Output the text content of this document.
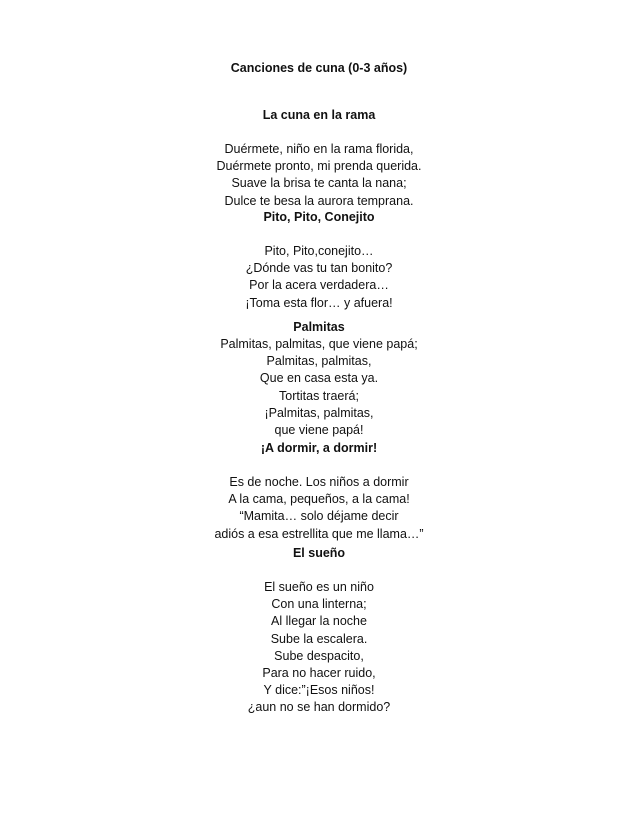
Canciones de cuna (0-3 años)
La cuna en la rama
Duérmete, niño en la rama florida,
Duérmete pronto, mi prenda querida.
Suave la brisa te canta la nana;
Dulce te besa la aurora temprana.
Pito, Pito, Conejito
Pito, Pito,conejito…
¿Dónde vas tu tan bonito?
Por la acera verdadera…
¡Toma esta flor… y afuera!
Palmitas
Palmitas, palmitas, que viene papá;
Palmitas, palmitas,
Que en casa esta ya.
Tortitas traerá;
¡Palmitas, palmitas,
que viene papá!
¡A dormir, a dormir!
Es de noche. Los niños a dormir
A la cama, pequeños, a la cama!
“Mamita… solo déjame decir
adiós a esa estrellita que me llama…”
El sueño
El sueño es un niño
Con una linterna;
Al llegar la noche
Sube la escalera.
Sube despacito,
Para no hacer ruido,
Y dice:”¡Esos niños!
¿aun no se han dormido?
